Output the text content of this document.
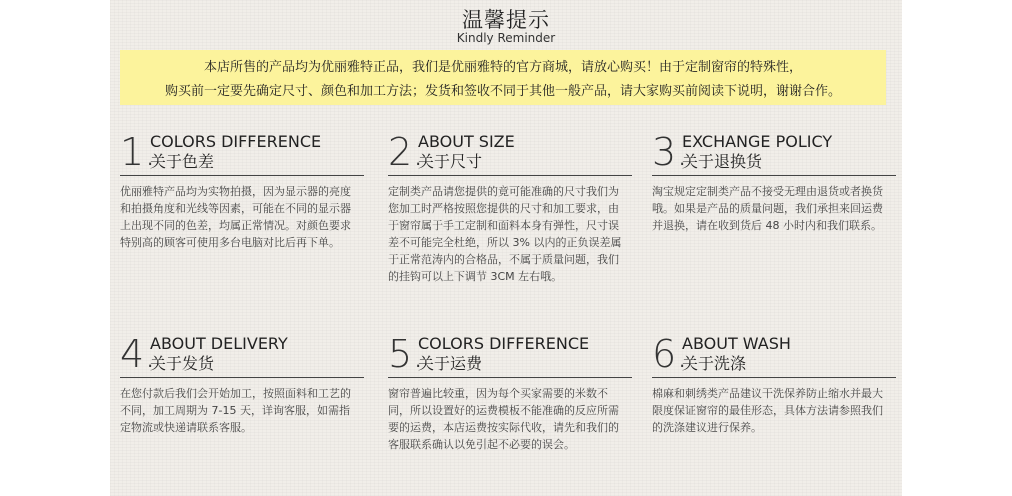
温馨提示
Kindly Reminder

本店所售的产品均为优丽雅特正品，我们是优丽雅特的官方商城，请放心购买！由于定制窗帘的特殊性，

购买前一定要先确定尺寸、颜色和加工方法；发货和签收不同于其他一般产品，请大家购买前阅读下说明，谢谢合作。

1.
COLORS DIFFERENCE
关于色差
优丽雅特产品均为实物拍摄，因为显示器的亮度和拍摄角度和光线等因素，可能在不同的显示器上出现不同的色差，均属正常情况。对颜色要求特别高的顾客可使用多台电脑对比后再下单。
2.
ABOUT SIZE
关于尺寸
定制类产品请您提供的竟可能准确的尺寸我们为您加工时严格按照您提供的尺寸和加工要求，由于窗帘属于手工定制和面料本身有弹性，尺寸误差不可能完全杜绝，所以 3% 以内的正负误差属于正常范涛内的合格品，不属于质量问题，我们的挂钩可以上下调节 3CM 左右哦。
3.
EXCHANGE POLICY
关于退换货
淘宝规定定制类产品不接受无理由退货或者换货哦。如果是产品的质量问题，我们承担来回运费并退换，请在收到货后 48 小时内和我们联系。
4.
ABOUT DELIVERY
关于发货
在您付款后我们会开始加工，按照面料和工艺的不同，加工周期为 7-15 天，详询客服，如需指定物流或快递请联系客服。
5.
COLORS DIFFERENCE
关于运费
窗帘普遍比较重，因为每个买家需要的米数不同，所以设置好的运费模板不能准确的反应所需要的运费，本店运费按实际代收，请先和我们的客服联系确认以免引起不必要的误会。
6.
ABOUT WASH
关于洗涤
棉麻和刺绣类产品建议干洗保养防止缩水并最大限度保证窗帘的最佳形态，具体方法请参照我们的洗涤建议进行保养。
